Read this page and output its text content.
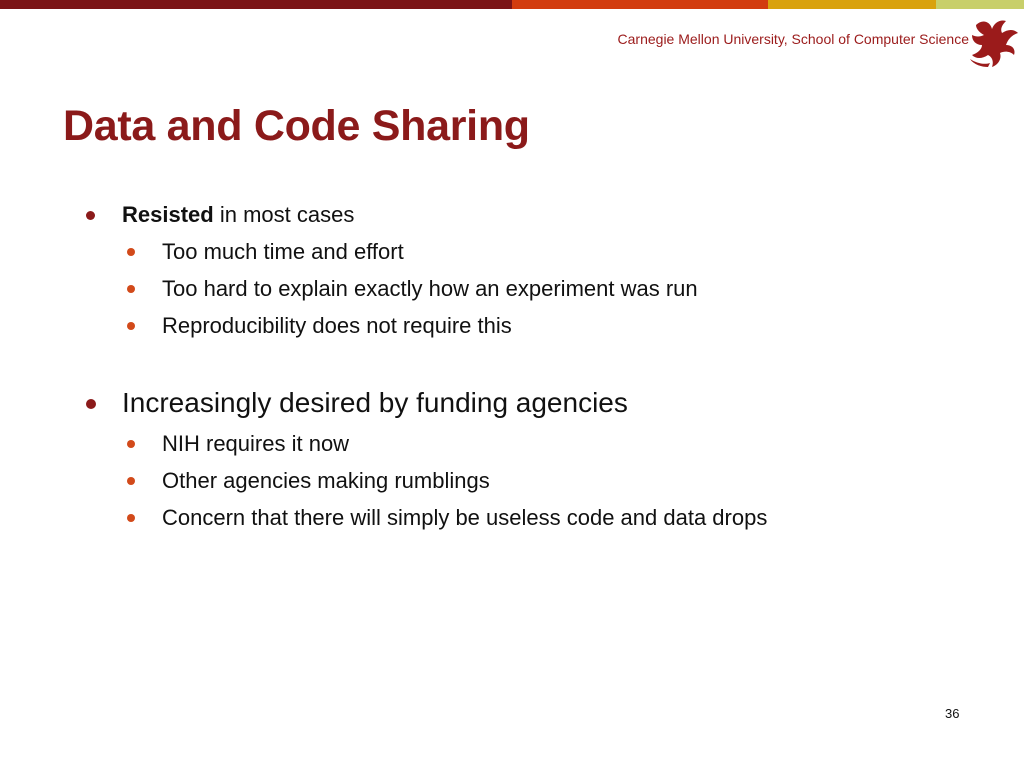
Carnegie Mellon University, School of Computer Science
Data and Code Sharing
Resisted in most cases
Too much time and effort
Too hard to explain exactly how an experiment was run
Reproducibility does not require this
Increasingly desired by funding agencies
NIH requires it now
Other agencies making rumblings
Concern that there will simply be useless code and data drops
36
